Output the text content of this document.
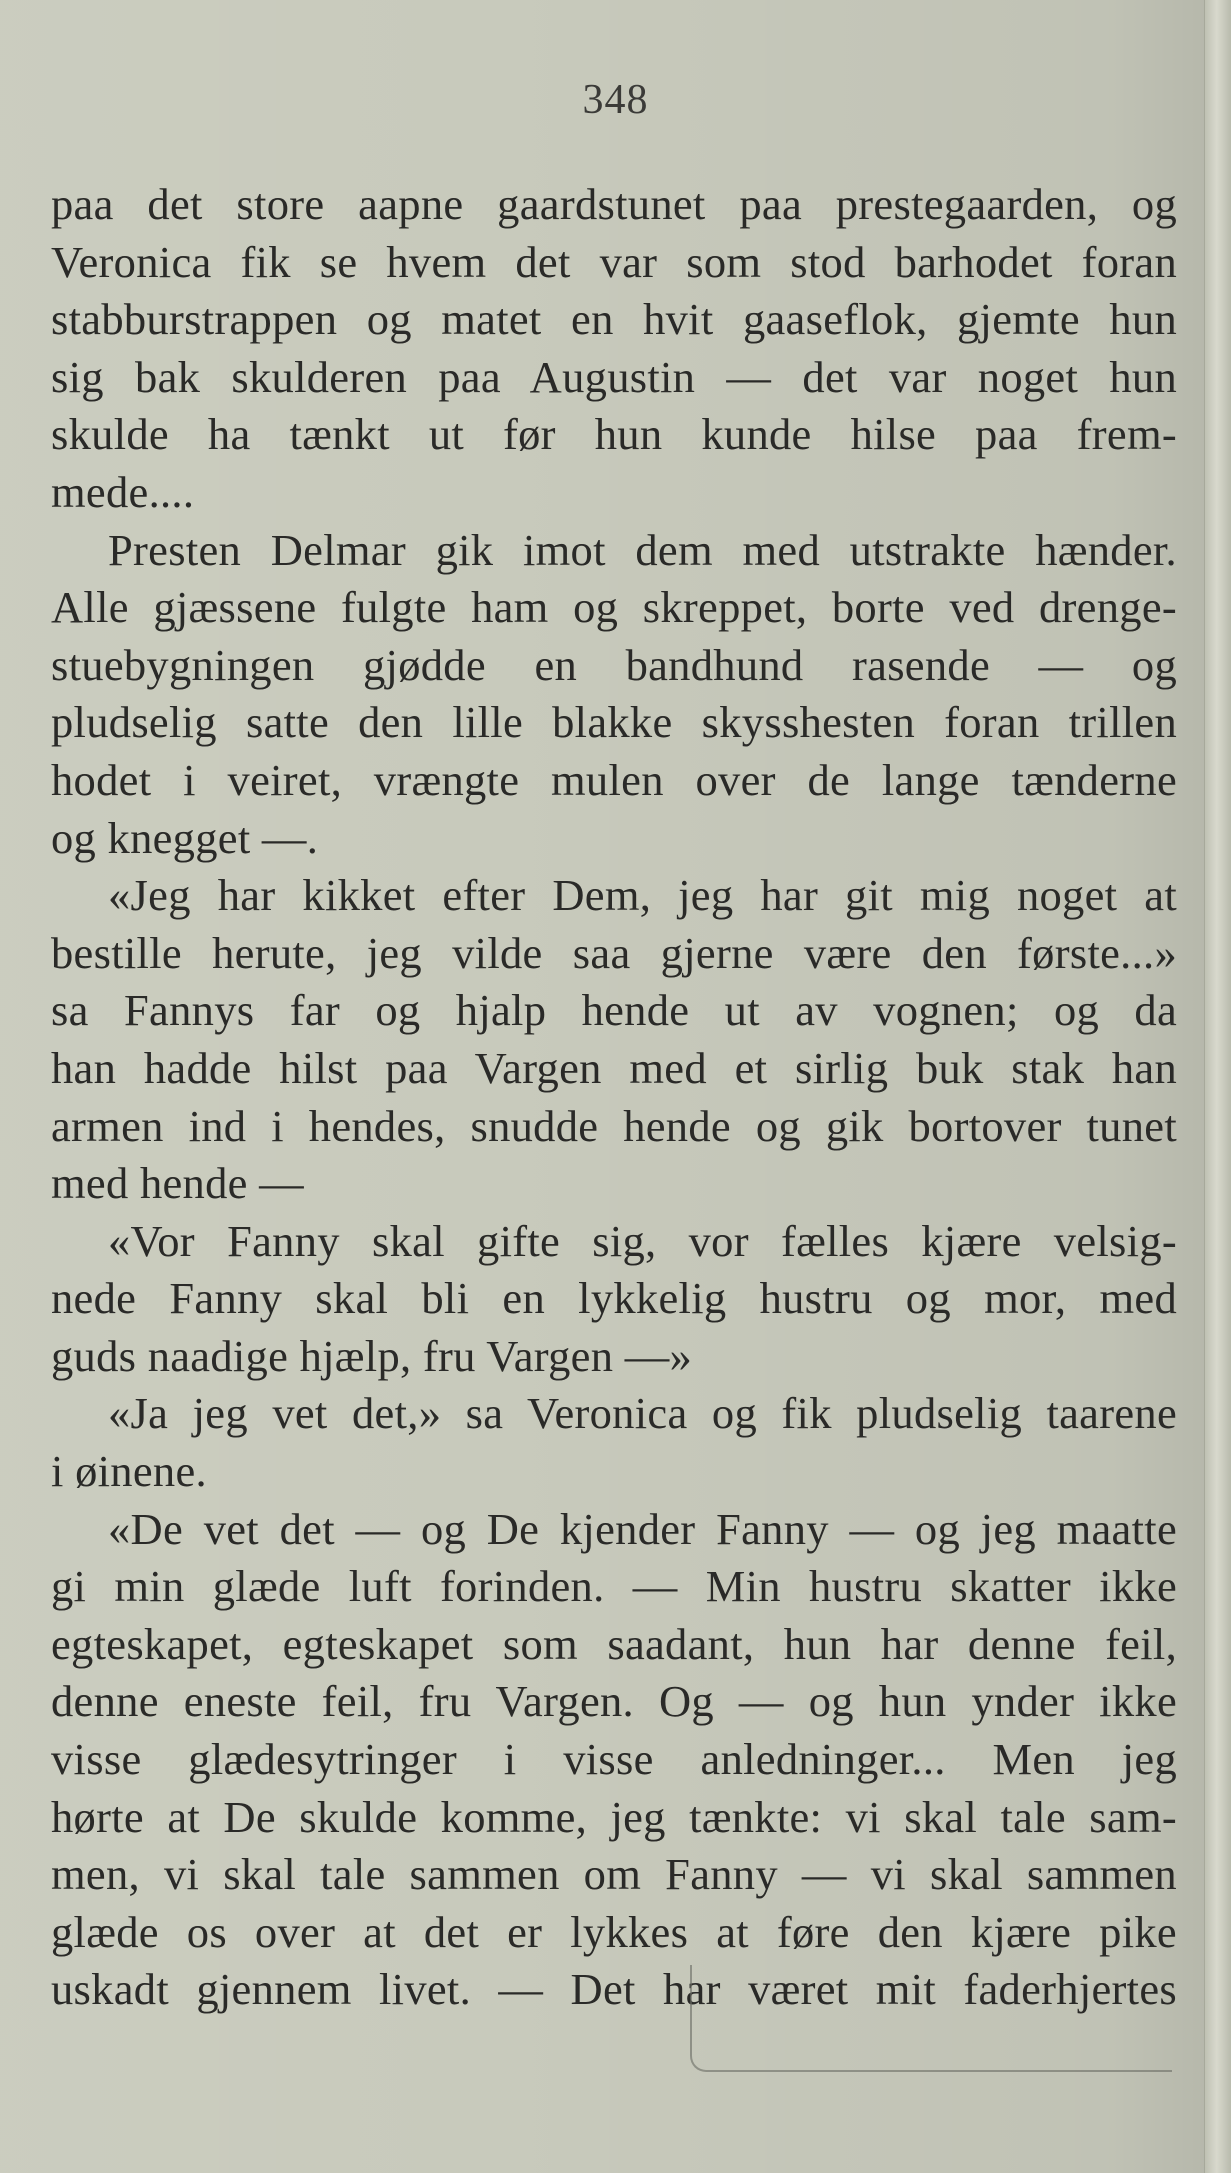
348
paa det store aapne gaardstunet paa prestegaarden, og
Veronica fik se hvem det var som stod barhodet foran
stabburstrappen og matet en hvit gaaseflok, gjemte hun
sig bak skulderen paa Augustin — det var noget hun
skulde ha tænkt ut før hun kunde hilse paa frem-
mede....
Presten Delmar gik imot dem med utstrakte hænder.
Alle gjæssene fulgte ham og skreppet, borte ved drenge-
stuebygningen gjødde en bandhund rasende — og
pludselig satte den lille blakke skysshesten foran trillen
hodet i veiret, vrængte mulen over de lange tænderne
og knegget —.
«Jeg har kikket efter Dem, jeg har git mig noget at
bestille herute, jeg vilde saa gjerne være den første...»
sa Fannys far og hjalp hende ut av vognen; og da
han hadde hilst paa Vargen med et sirlig buk stak han
armen ind i hendes, snudde hende og gik bortover tunet
med hende —
«Vor Fanny skal gifte sig, vor fælles kjære velsig-
nede Fanny skal bli en lykkelig hustru og mor, med
guds naadige hjælp, fru Vargen —»
«Ja jeg vet det,» sa Veronica og fik pludselig taarene
i øinene.
«De vet det — og De kjender Fanny — og jeg maatte
gi min glæde luft forinden. — Min hustru skatter ikke
egteskapet, egteskapet som saadant, hun har denne feil,
denne eneste feil, fru Vargen. Og — og hun ynder ikke
visse glædesytringer i visse anledninger... Men jeg
hørte at De skulde komme, jeg tænkte: vi skal tale sam-
men, vi skal tale sammen om Fanny — vi skal sammen
glæde os over at det er lykkes at føre den kjære pike
uskadt gjennem livet. — Det har været mit faderhjertes
